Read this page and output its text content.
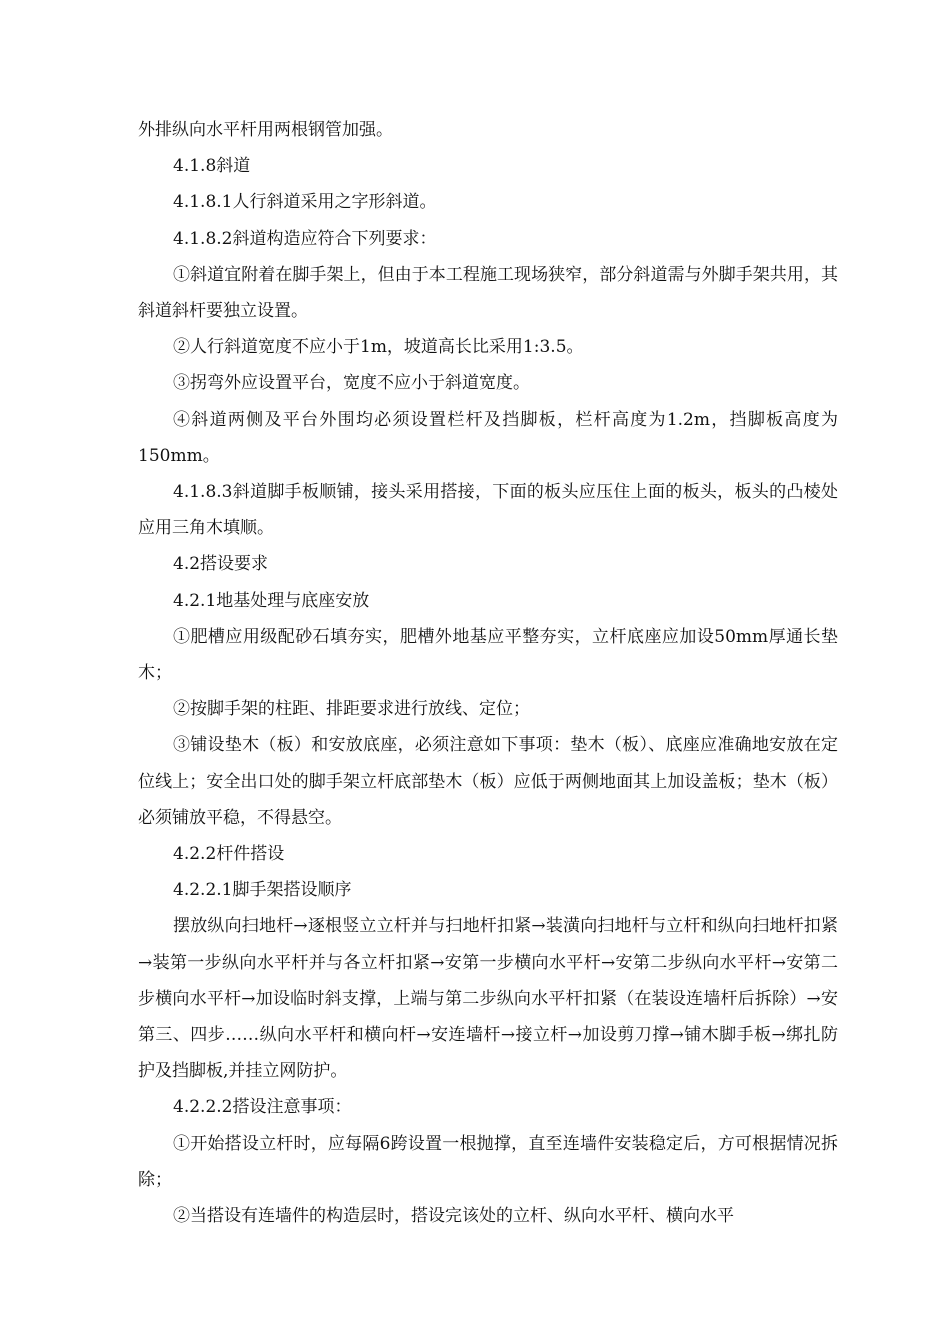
外排纵向水平杆用两根钢管加强。

4.1.8斜道

4.1.8.1人行斜道采用之字形斜道。

4.1.8.2斜道构造应符合下列要求：

①斜道宜附着在脚手架上，但由于本工程施工现场狭窄，部分斜道需与外脚手架共用，其斜道斜杆要独立设置。

②人行斜道宽度不应小于1m，坡道高长比采用1:3.5。

③拐弯外应设置平台，宽度不应小于斜道宽度。

④斜道两侧及平台外围均必须设置栏杆及挡脚板，栏杆高度为1.2m，挡脚板高度为150mm。

4.1.8.3斜道脚手板顺铺，接头采用搭接，下面的板头应压住上面的板头，板头的凸棱处应用三角木填顺。

4.2搭设要求

4.2.1地基处理与底座安放

①肥槽应用级配砂石填夯实，肥槽外地基应平整夯实，立杆底座应加设50mm厚通长垫木；

②按脚手架的柱距、排距要求进行放线、定位；

③铺设垫木（板）和安放底座，必须注意如下事项：垫木（板）、底座应准确地安放在定位线上；安全出口处的脚手架立杆底部垫木（板）应低于两侧地面其上加设盖板；垫木（板）必须铺放平稳，不得悬空。

4.2.2杆件搭设

4.2.2.1脚手架搭设顺序

摆放纵向扫地杆→逐根竖立立杆并与扫地杆扣紧→装潢向扫地杆与立杆和纵向扫地杆扣紧→装第一步纵向水平杆并与各立杆扣紧→安第一步横向水平杆→安第二步纵向水平杆→安第二步横向水平杆→加设临时斜支撑，上端与第二步纵向水平杆扣紧（在装设连墙杆后拆除）→安第三、四步……纵向水平杆和横向杆→安连墙杆→接立杆→加设剪刀撑→铺木脚手板→绑扎防护及挡脚板,并挂立网防护。

4.2.2.2搭设注意事项：

①开始搭设立杆时，应每隔6跨设置一根抛撑，直至连墙件安装稳定后，方可根据情况拆除；

②当搭设有连墙件的构造层时，搭设完该处的立杆、纵向水平杆、横向水平
